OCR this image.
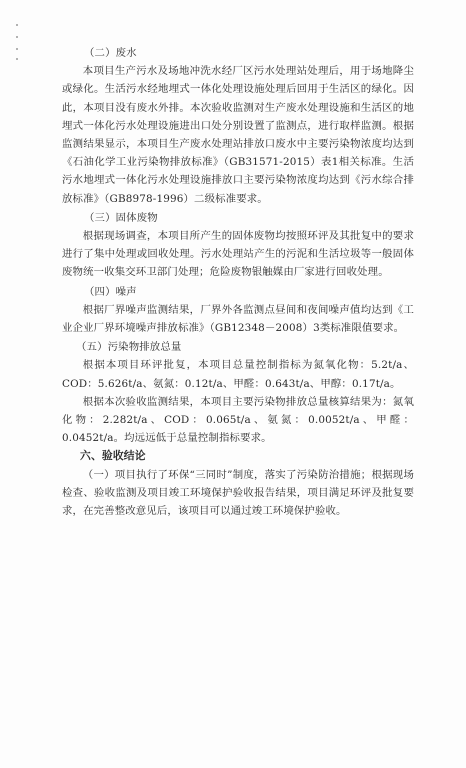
（二）废水

本项目生产污水及场地冲洗水经厂区污水处理站处理后，用于场地降尘或绿化。生活污水经地埋式一体化处理设施处理后回用于生活区的绿化。因此，本项目没有废水外排。本次验收监测对生产废水处理设施和生活区的地埋式一体化污水处理设施进出口处分别设置了监测点，进行取样监测。根据监测结果显示，本项目生产废水处理站排放口废水中主要污染物浓度均达到《石油化学工业污染物排放标准》（GB31571-2015）表1相关标准。生活污水地埋式一体化污水处理设施排放口主要污染物浓度均达到《污水综合排放标准》（GB8978-1996）二级标准要求。

（三）固体废物

根据现场调查，本项目所产生的固体废物均按照环评及其批复中的要求进行了集中处理或回收处理。污水处理站产生的污泥和生活垃圾等一般固体废物统一收集交环卫部门处理；危险废物银触媒由厂家进行回收处理。

（四）噪声

根据厂界噪声监测结果，厂界外各监测点昼间和夜间噪声值均达到《工业企业厂界环境噪声排放标准》（GB12348－2008）3类标准限值要求。

（五）污染物排放总量

根据本项目环评批复，本项目总量控制指标为氮氧化物：5.2t/a、COD：5.626t/a、氨氮：0.12t/a、甲醛：0.643t/a、甲醇：0.17t/a。

根据本次验收监测结果，本项目主要污染物排放总量核算结果为：氮氧化物：2.282t/a、COD：0.065t/a、氨氮：0.0052t/a、甲醛：0.0452t/a。均远远低于总量控制指标要求。

六、验收结论

（一）项目执行了环保“三同时”制度，落实了污染防治措施；根据现场检查、验收监测及项目竣工环境保护验收报告结果，项目满足环评及批复要求，在完善整改意见后，该项目可以通过竣工环境保护验收。
